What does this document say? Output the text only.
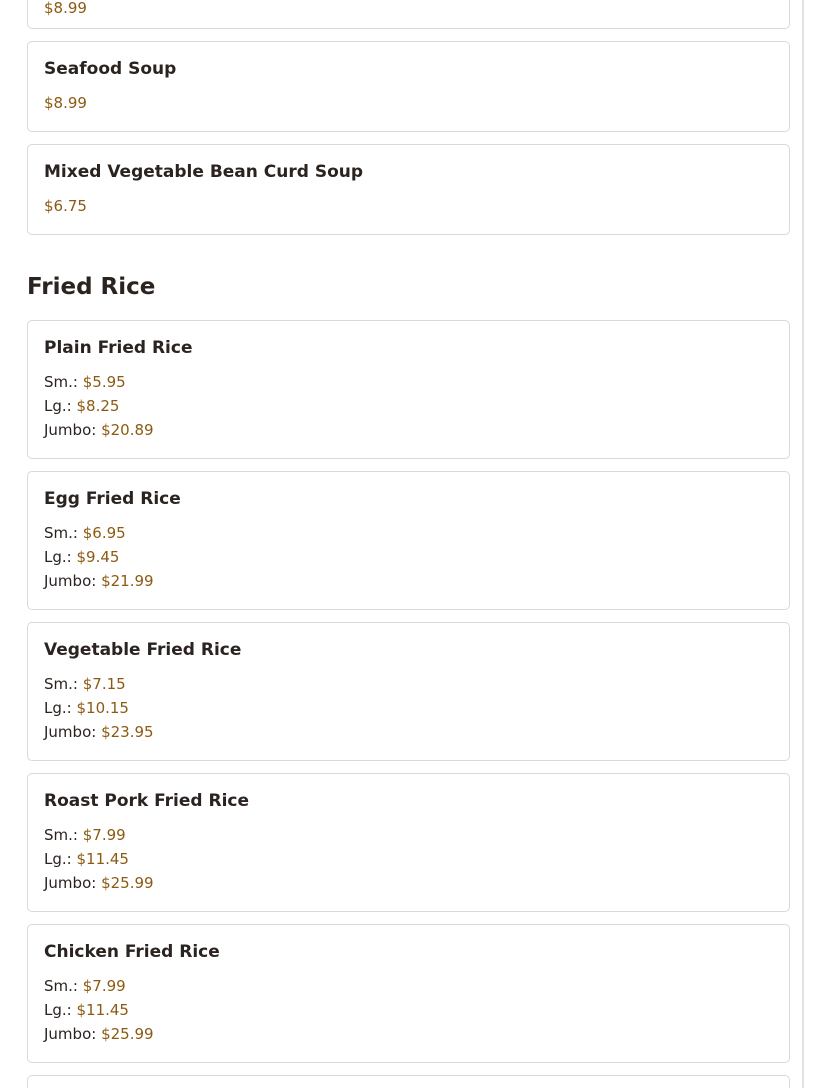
$8.99
Seafood Soup
$8.99
Mixed Vegetable Bean Curd Soup
$6.75
Fried Rice
Plain Fried Rice
Sm.: $5.95
Lg.: $8.25
Jumbo: $20.89
Egg Fried Rice
Sm.: $6.95
Lg.: $9.45
Jumbo: $21.99
Vegetable Fried Rice
Sm.: $7.15
Lg.: $10.15
Jumbo: $23.95
Roast Pork Fried Rice
Sm.: $7.99
Lg.: $11.45
Jumbo: $25.99
Chicken Fried Rice
Sm.: $7.99
Lg.: $11.45
Jumbo: $25.99
